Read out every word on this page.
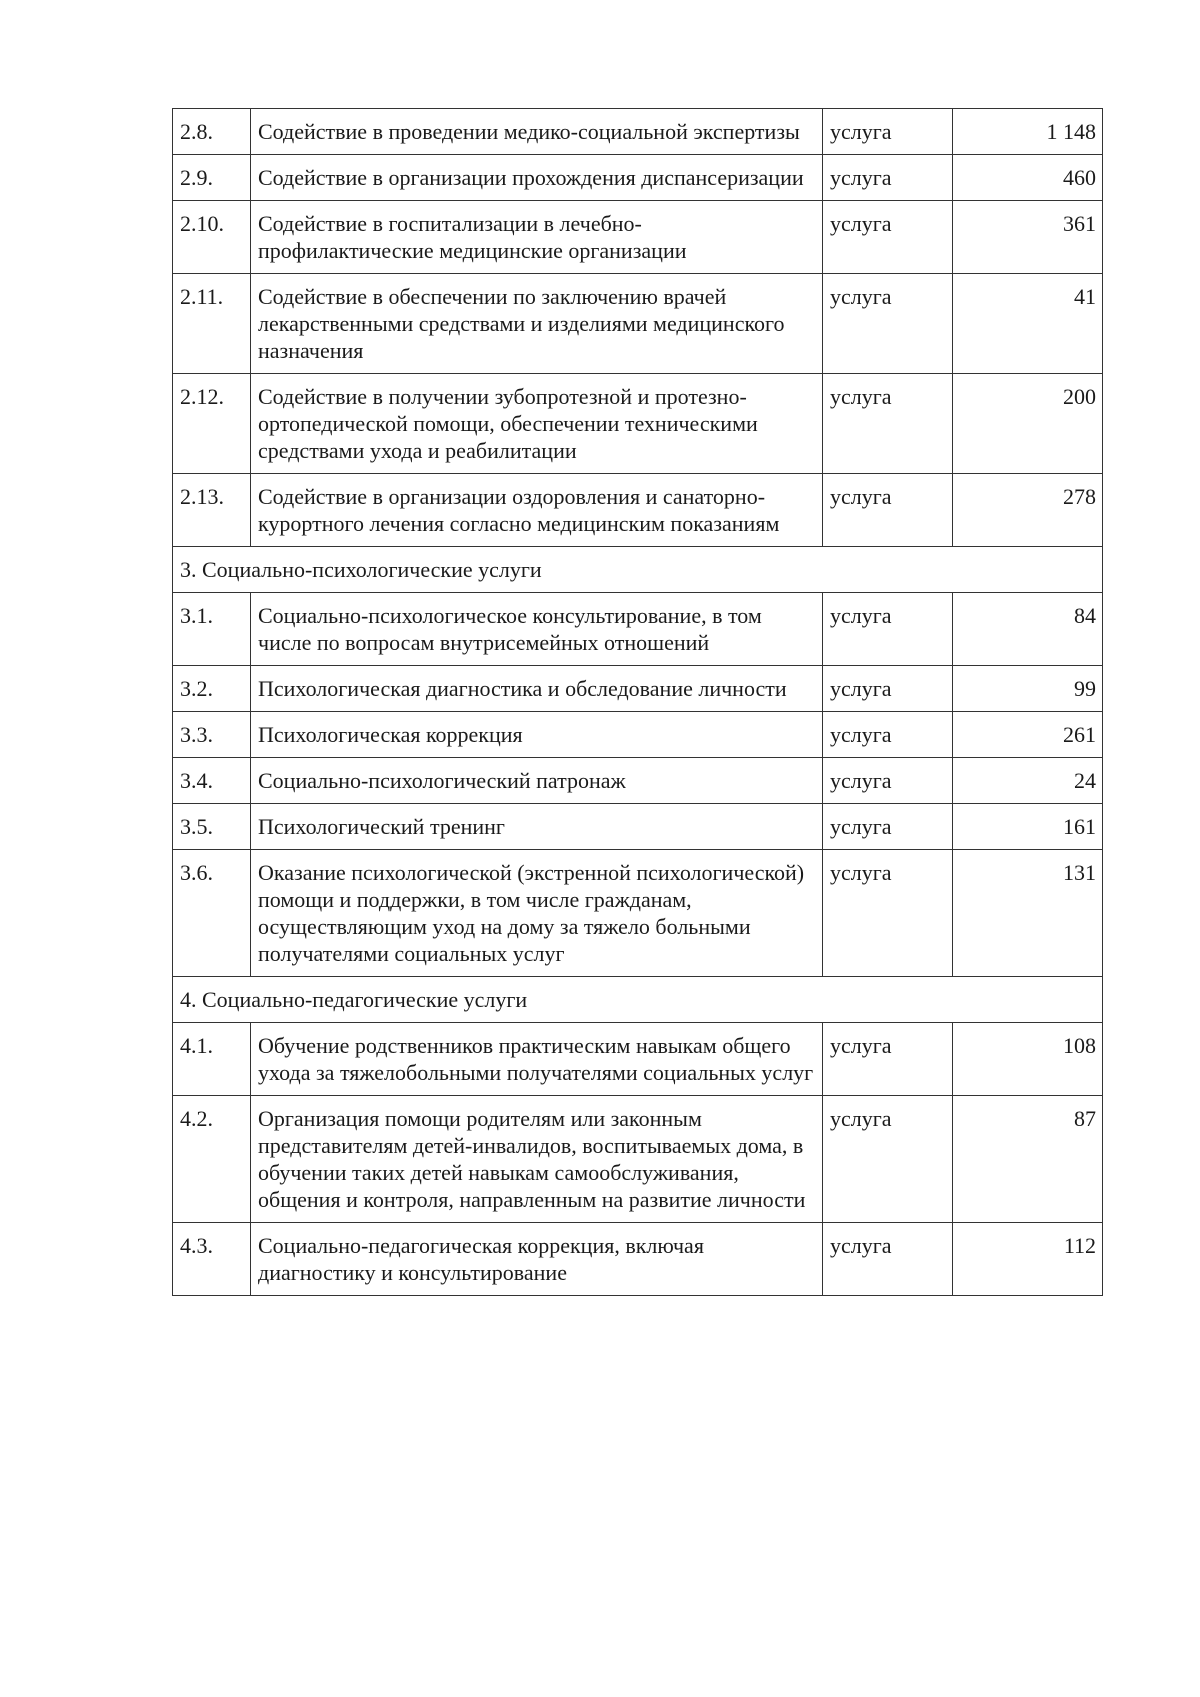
2.8.	Содействие в проведении медико-социальной экспертизы	услуга	1 148
2.9.	Содействие в организации прохождения диспансеризации	услуга	460
2.10.	Содействие в госпитализации в лечебно-профилактические медицинские организации	услуга	361
2.11.	Содействие в обеспечении по заключению врачей лекарственными средствами и изделиями медицинского назначения	услуга	41
2.12.	Содействие в получении зубопротезной и протезно-ортопедической помощи, обеспечении техническими средствами ухода и реабилитации	услуга	200
2.13.	Содействие в организации оздоровления и санаторно-курортного лечения согласно медицинским показаниям	услуга	278
3. Социально-психологические услуги			
3.1.	Социально-психологическое консультирование, в том числе по вопросам внутрисемейных отношений	услуга	84
3.2.	Психологическая диагностика и обследование личности	услуга	99
3.3.	Психологическая коррекция	услуга	261
3.4.	Социально-психологический патронаж	услуга	24
3.5.	Психологический тренинг	услуга	161
3.6.	Оказание психологической (экстренной психологической) помощи и поддержки, в том числе гражданам, осуществляющим уход на дому за тяжело больными получателями социальных услуг	услуга	131
4. Социально-педагогические услуги			
4.1.	Обучение родственников практическим навыкам общего ухода за тяжелобольными получателями социальных услуг	услуга	108
4.2.	Организация помощи родителям или законным представителям детей-инвалидов, воспитываемых дома, в обучении таких детей навыкам самообслуживания, общения и контроля, направленным на развитие личности	услуга	87
4.3.	Социально-педагогическая коррекция, включая диагностику и консультирование	услуга	112
